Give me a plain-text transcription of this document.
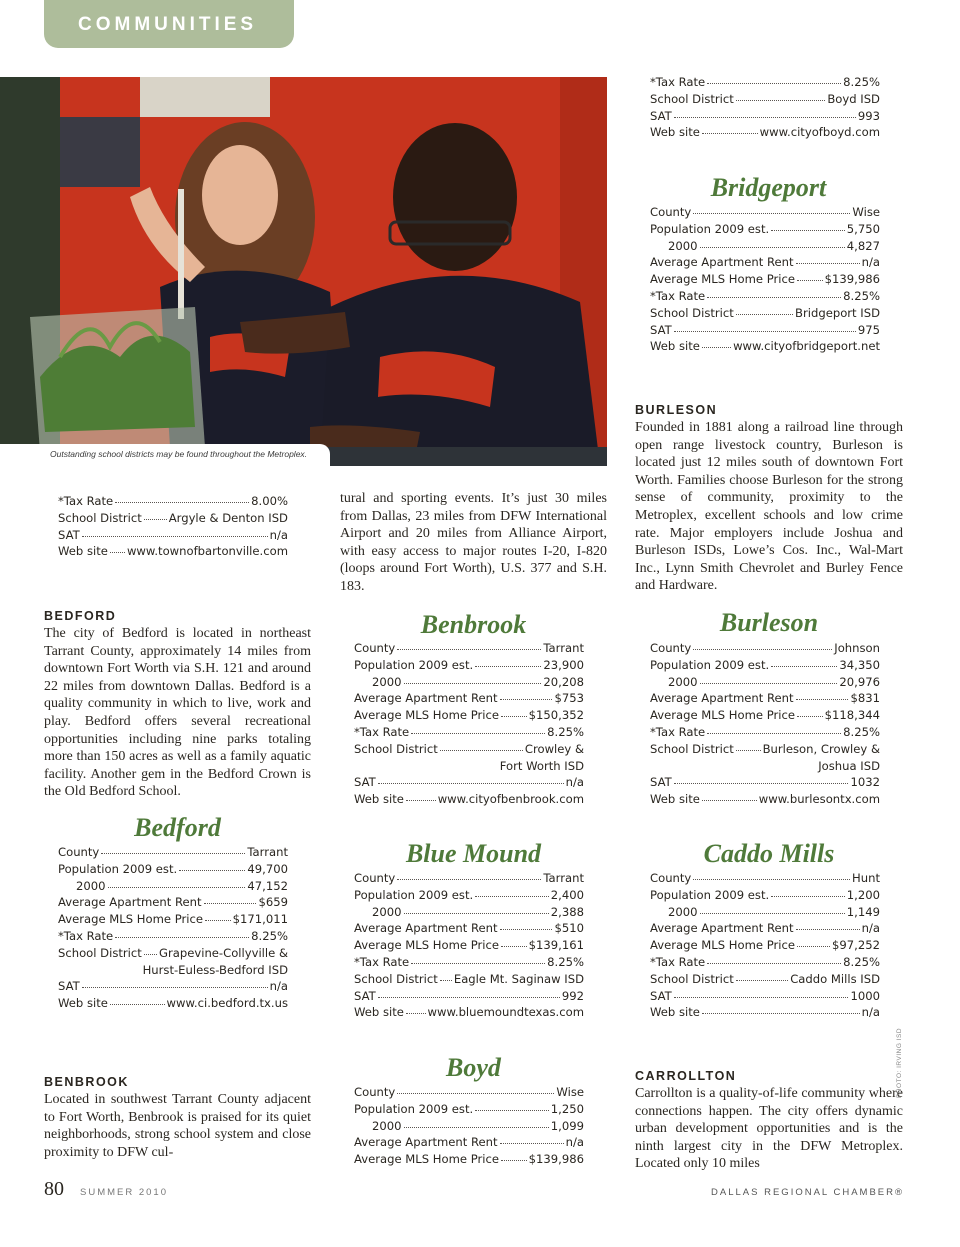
COMMUNITIES
Outstanding school districts may be found throughout the Metroplex.
*Tax Rate	8.00%
School District Argyle & Denton ISD
SAT	n/a
Web site www.townofbartonville.com
BEDFORD

The city of Bedford is located in northeast Tarrant County, approximately 14 miles from downtown Fort Worth via S.H. 121 and around 22 miles from downtown Dallas. Bedford is a quality community in which to live, work and play. Bedford offers several recreational opportunities including nine parks totaling more than 150 acres as well as a family aquatic facility. Another gem in the Bedford Crown is the Old Bedford School.

Bedford
County	Tarrant
Population 2009 est.	49,700
2000	47,152
Average Apartment Rent	$659
Average MLS Home Price	$171,011
*Tax Rate	8.25%
School District Grapevine-Collyville &
Hurst-Euless-Bedford ISD
SAT	n/a
Web site	www.ci.bedford.tx.us
BENBROOK

Located in southwest Tarrant County adjacent to Fort Worth, Benbrook is praised for its quiet neighborhoods, strong school system and close proximity to DFW cul-

tural and sporting events. It’s just 30 miles from Dallas, 23 miles from DFW International Airport and 20 miles from Alliance Airport, with easy access to major routes I-20, I-820 (loops around Fort Worth), U.S. 377 and S.H. 183.

Benbrook
County	Tarrant
Population 2009 est.	23,900
2000	20,208
Average Apartment Rent	$753
Average MLS Home Price	$150,352
*Tax Rate	8.25%
School District	Crowley &
Fort Worth ISD
SAT	n/a
Web site	www.cityofbenbrook.com
Blue Mound
County	Tarrant
Population 2009 est.	2,400
2000	2,388
Average Apartment Rent	$510
Average MLS Home Price	$139,161
*Tax Rate	8.25%
School District Eagle Mt. Saginaw ISD
SAT	992
Web site www.bluemoundtexas.com
Boyd
County	Wise
Population 2009 est.	1,250
2000	1,099
Average Apartment Rent	n/a
Average MLS Home Price	$139,986
*Tax Rate	8.25%
School District	Boyd ISD
SAT	993
Web site	www.cityofboyd.com
Bridgeport
County	Wise
Population 2009 est.	5,750
2000	4,827
Average Apartment Rent	n/a
Average MLS Home Price	$139,986
*Tax Rate	8.25%
School District	Bridgeport ISD
SAT	975
Web site	www.cityofbridgeport.net
BURLESON

Founded in 1881 along a railroad line through open range livestock country, Burleson is located just 12 miles south of downtown Fort Worth. Families choose Burleson for the strong sense of community, proximity to the Metroplex, excellent schools and low crime rate. Major employers include Joshua and Burleson ISDs, Lowe’s Cos. Inc., Wal-Mart Inc., Lynn Smith Chevrolet and Burley Fence and Hardware.

Burleson
County	Johnson
Population 2009 est.	34,350
2000	20,976
Average Apartment Rent	$831
Average MLS Home Price	$118,344
*Tax Rate	8.25%
School District Burleson, Crowley &
Joshua ISD
SAT	1032
Web site	www.burlesontx.com
Caddo Mills
County	Hunt
Population 2009 est.	1,200
2000	1,149
Average Apartment Rent	n/a
Average MLS Home Price	$97,252
*Tax Rate	8.25%
School District	Caddo Mills ISD
SAT	1000
Web site	n/a
CARROLLTON

Carrollton is a quality-of-life community where connections happen. The city offers dynamic urban development opportunities and is the ninth largest city in the DFW Metroplex. Located only 10 miles

80 SUMMER 2010	DALLAS REGIONAL CHAMBER®
PHOTO: IRVING ISD
